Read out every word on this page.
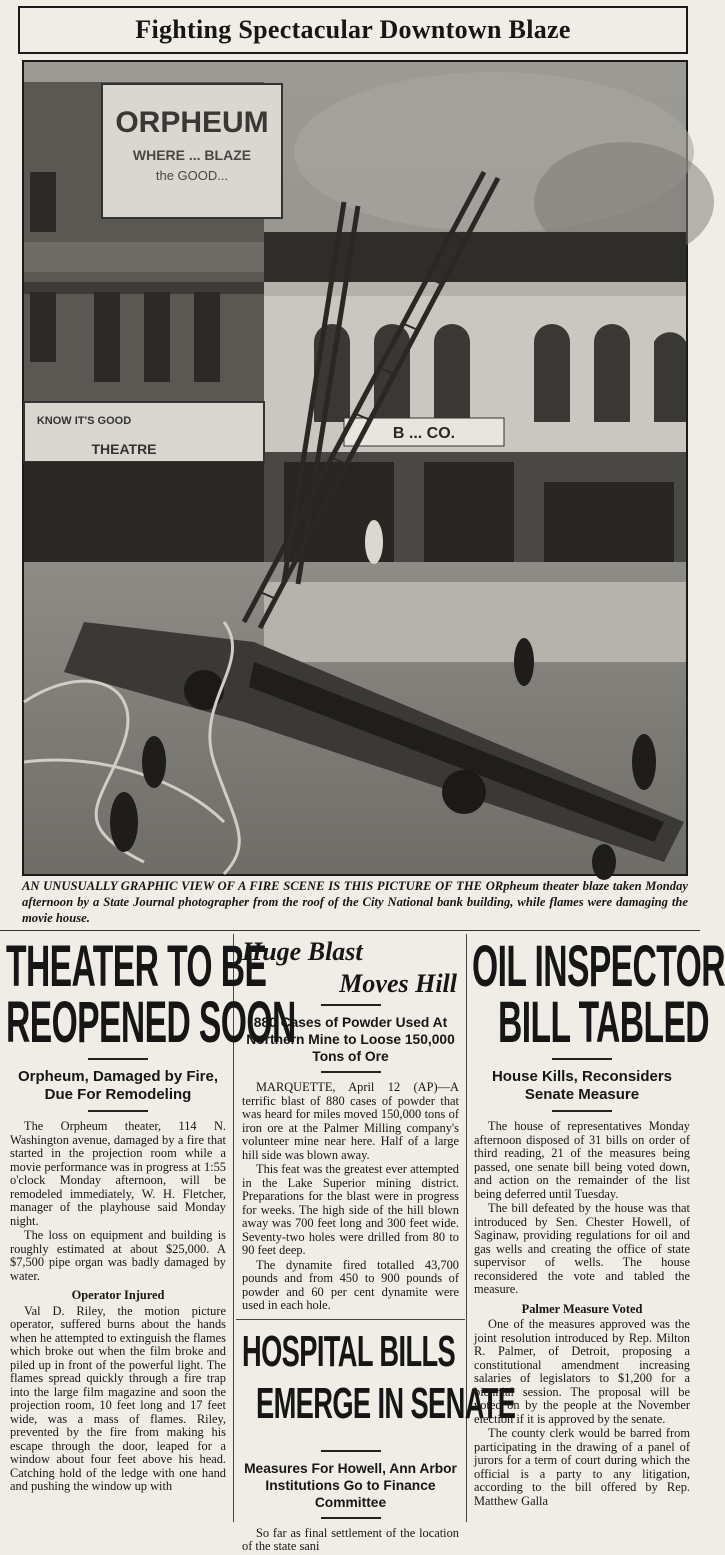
Fighting Spectacular Downtown Blaze
ORPHEUM
WHERE ... BLAZE
the GOOD...
B ... CO.
KNOW IT'S GOOD
THEATRE
AN UNUSUALLY GRAPHIC VIEW OF A FIRE SCENE IS THIS PICTURE OF THE ORpheum theater blaze taken Monday afternoon by a State Journal photographer from the roof of the City National bank building, while flames were damaging the movie house.
THEATER TO BE
REOPENED SOON
Orpheum, Damaged by Fire, Due For Remodeling

The Orpheum theater, 114 N. Washington avenue, damaged by a fire that started in the projection room while a movie performance was in progress at 1:55 o'clock Monday afternoon, will be remodeled immediately, W. H. Fletcher, manager of the playhouse said Monday night.

The loss on equipment and building is roughly estimated at about $25,000. A $7,500 pipe organ was badly damaged by water.

Operator Injured

Val D. Riley, the motion picture operator, suffered burns about the hands when he attempted to extinguish the flames which broke out when the film broke and piled up in front of the powerful light. The flames spread quickly through a fire trap into the large film magazine and soon the projection room, 10 feet long and 17 feet wide, was a mass of flames. Riley, prevented by the fire from making his escape through the door, leaped for a window about four feet above his head. Catching hold of the ledge with one hand and pushing the window up with

Huge Blast
Moves Hill
880 Cases of Powder Used At Northern Mine to Loose 150,000 Tons of Ore

MARQUETTE, April 12 (AP)—A terrific blast of 880 cases of powder that was heard for miles moved 150,000 tons of iron ore at the Palmer Milling company's volunteer mine near here. Half of a large hill side was blown away.

This feat was the greatest ever attempted in the Lake Superior mining district. Preparations for the blast were in progress for weeks. The high side of the hill blown away was 700 feet long and 300 feet wide. Seventy-two holes were drilled from 80 to 90 feet deep.

The dynamite fired totalled 43,700 pounds and from 450 to 900 pounds of powder and 60 per cent dynamite were used in each hole.

HOSPITAL BILLS
EMERGE IN SENATE
Measures For Howell, Ann Arbor Institutions Go to Finance Committee

So far as final settlement of the location of the state sani

OIL INSPECTOR
BILL TABLED
House Kills, Reconsiders Senate Measure

The house of representatives Monday afternoon disposed of 31 bills on order of third reading, 21 of the measures being passed, one senate bill being voted down, and action on the remainder of the list being deferred until Tuesday.

The bill defeated by the house was that introduced by Sen. Chester Howell, of Saginaw, providing regulations for oil and gas wells and creating the office of state supervisor of wells. The house reconsidered the vote and tabled the measure.

Palmer Measure Voted

One of the measures approved was the joint resolution introduced by Rep. Milton R. Palmer, of Detroit, proposing a constitutional amendment increasing salaries of legislators to $1,200 for a biennial session. The proposal will be voted on by the people at the November election if it is approved by the senate.

The county clerk would be barred from participating in the drawing of a panel of jurors for a term of court during which the official is a party to any litigation, according to the bill offered by Rep. Matthew Galla
